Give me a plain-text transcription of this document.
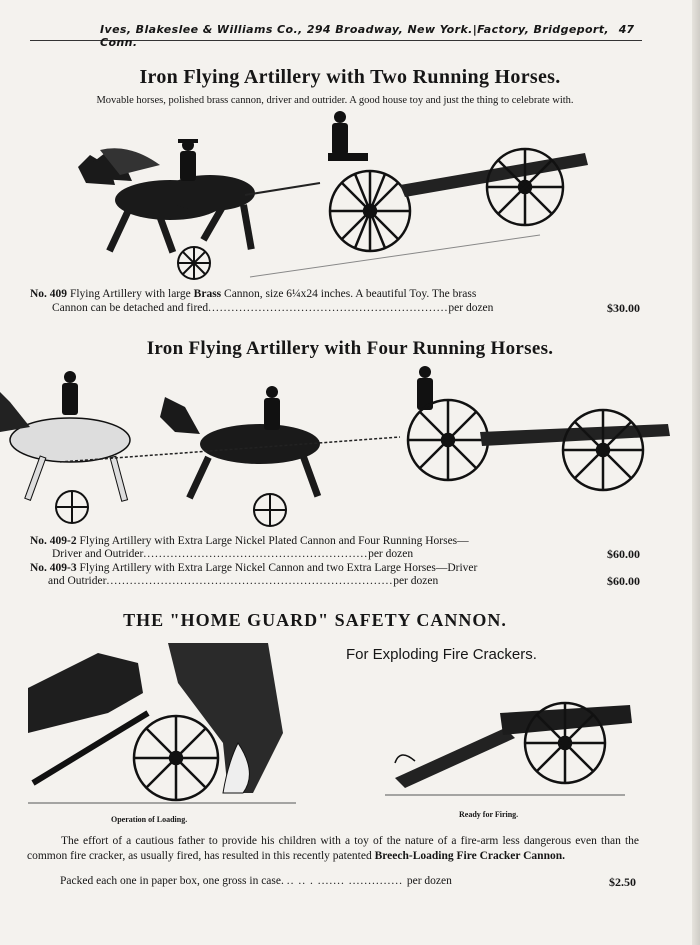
Ives, Blakeslee & Williams Co., 294 Broadway, New York.|Factory, Bridgeport, Conn.
47
Iron Flying Artillery with Two Running Horses.
Movable horses, polished brass cannon, driver and outrider. A good house toy and just the thing to celebrate with.
No. 409 Flying Artillery with large Brass Cannon, size 6¼x24 inches. A beautiful Toy. The brass
Cannon can be detached and fired..............................................................per dozen	$30.00
Iron Flying Artillery with Four Running Horses.
No. 409-2 Flying Artillery with Extra Large Nickel Plated Cannon and Four Running Horses—
Driver and Outrider..........................................................per dozen	$60.00
No. 409-3 Flying Artillery with Extra Large Nickel Cannon and two Extra Large Horses—Driver
and Outrider..........................................................................per dozen	$60.00
THE "HOME GUARD" SAFETY CANNON.
For Exploding Fire Crackers.
Operation of Loading.
Ready for Firing.
The effort of a cautious father to provide his children with a toy of the nature of a fire-arm less dangerous even than the common fire cracker, as usually fired, has resulted in this recently patented Breech-Loading Fire Cracker Cannon.
Packed each one in paper box, one gross in case. .. .. . ....... .............. per dozen	$2.50
